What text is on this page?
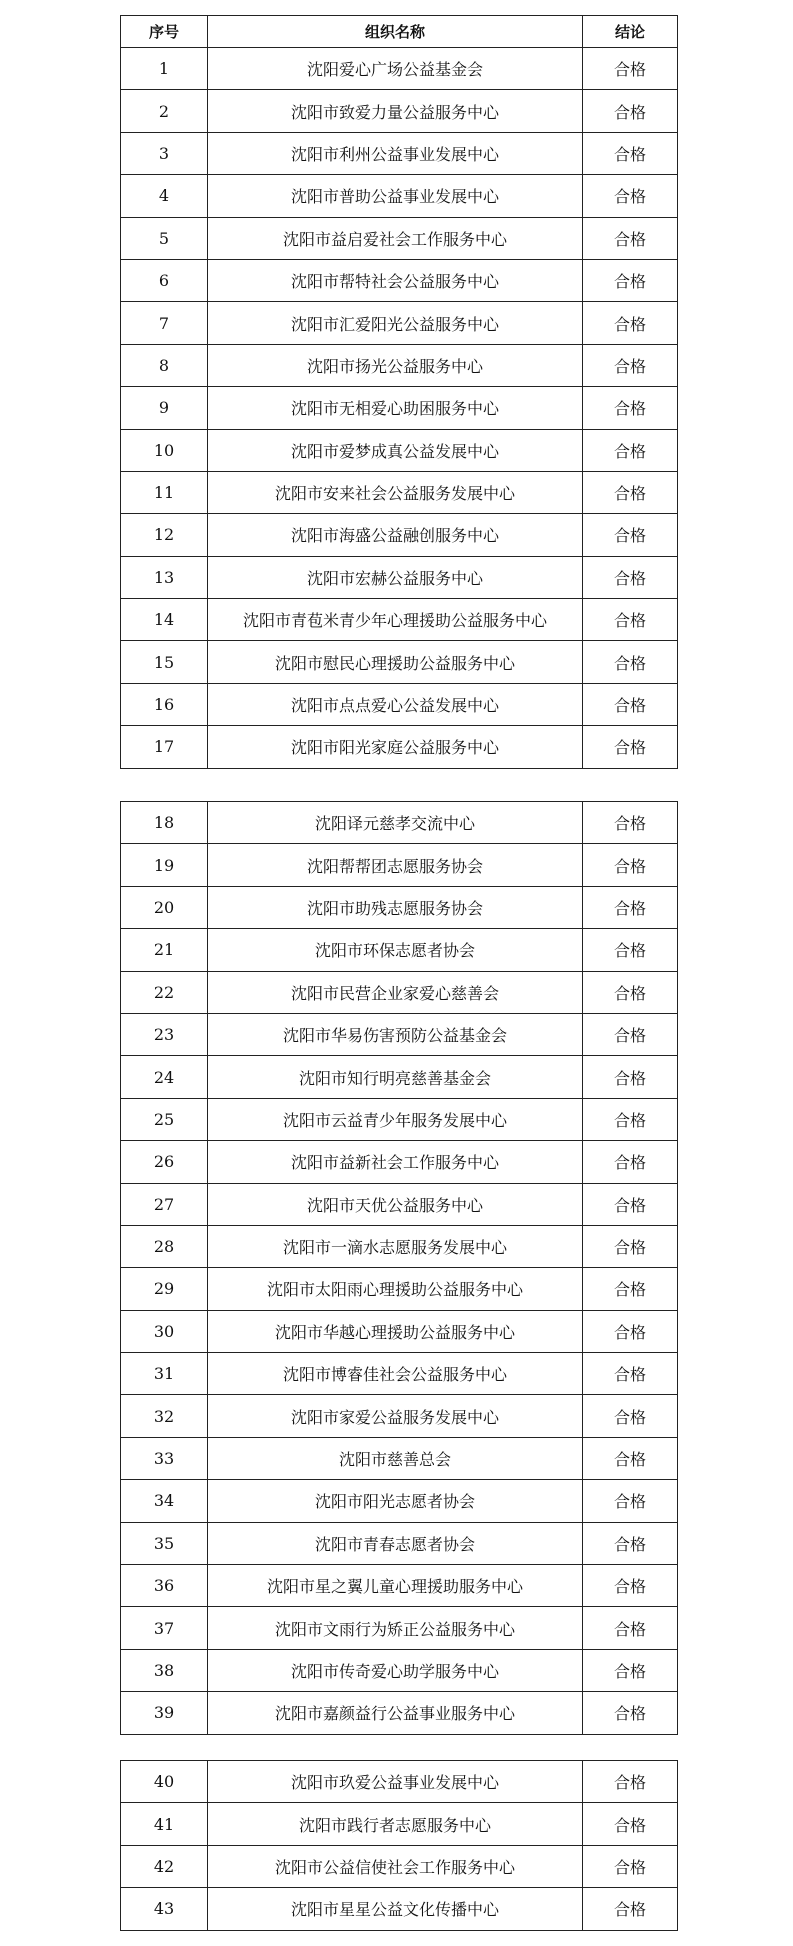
序号	组织名称	结论
1	沈阳爱心广场公益基金会	合格
2	沈阳市致爱力量公益服务中心	合格
3	沈阳市利州公益事业发展中心	合格
4	沈阳市普助公益事业发展中心	合格
5	沈阳市益启爱社会工作服务中心	合格
6	沈阳市帮特社会公益服务中心	合格
7	沈阳市汇爱阳光公益服务中心	合格
8	沈阳市扬光公益服务中心	合格
9	沈阳市无相爱心助困服务中心	合格
10	沈阳市爱梦成真公益发展中心	合格
11	沈阳市安来社会公益服务发展中心	合格
12	沈阳市海盛公益融创服务中心	合格
13	沈阳市宏赫公益服务中心	合格
14	沈阳市青苞米青少年心理援助公益服务中心	合格
15	沈阳市慰民心理援助公益服务中心	合格
16	沈阳市点点爱心公益发展中心	合格
17	沈阳市阳光家庭公益服务中心	合格
18	沈阳译元慈孝交流中心	合格
19	沈阳帮帮团志愿服务协会	合格
20	沈阳市助残志愿服务协会	合格
21	沈阳市环保志愿者协会	合格
22	沈阳市民营企业家爱心慈善会	合格
23	沈阳市华易伤害预防公益基金会	合格
24	沈阳市知行明亮慈善基金会	合格
25	沈阳市云益青少年服务发展中心	合格
26	沈阳市益新社会工作服务中心	合格
27	沈阳市天优公益服务中心	合格
28	沈阳市一滴水志愿服务发展中心	合格
29	沈阳市太阳雨心理援助公益服务中心	合格
30	沈阳市华越心理援助公益服务中心	合格
31	沈阳市博睿佳社会公益服务中心	合格
32	沈阳市家爱公益服务发展中心	合格
33	沈阳市慈善总会	合格
34	沈阳市阳光志愿者协会	合格
35	沈阳市青春志愿者协会	合格
36	沈阳市星之翼儿童心理援助服务中心	合格
37	沈阳市文雨行为矫正公益服务中心	合格
38	沈阳市传奇爱心助学服务中心	合格
39	沈阳市嘉颜益行公益事业服务中心	合格
40	沈阳市玖爱公益事业发展中心	合格
41	沈阳市践行者志愿服务中心	合格
42	沈阳市公益信使社会工作服务中心	合格
43	沈阳市星星公益文化传播中心	合格
